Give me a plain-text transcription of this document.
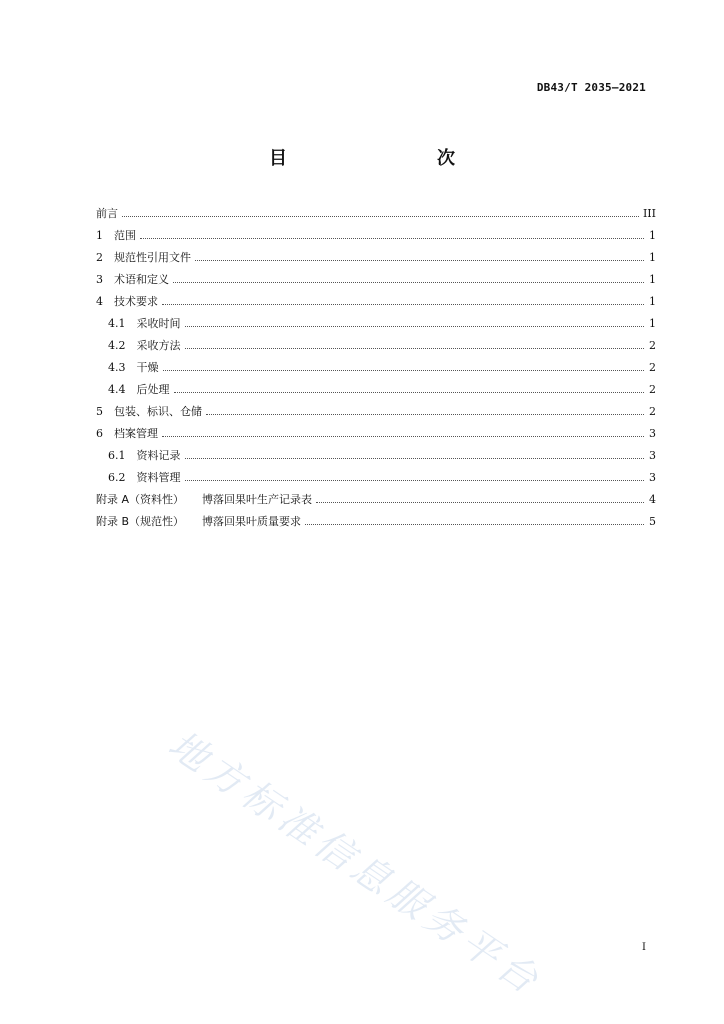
DB43/T 2035—2021
目　　次
前言	III
1 范围	1
2 规范性引用文件	1
3 术语和定义	1
4 技术要求	1
4.1 采收时间	1
4.2 采收方法	2
4.3 干燥	2
4.4 后处理	2
5 包装、标识、仓储	2
6 档案管理	3
6.1 资料记录	3
6.2 资料管理	3
附录 A（资料性） 博落回果叶生产记录表	4
附录 B（规范性） 博落回果叶质量要求	5
地方标准信息服务平台	I
